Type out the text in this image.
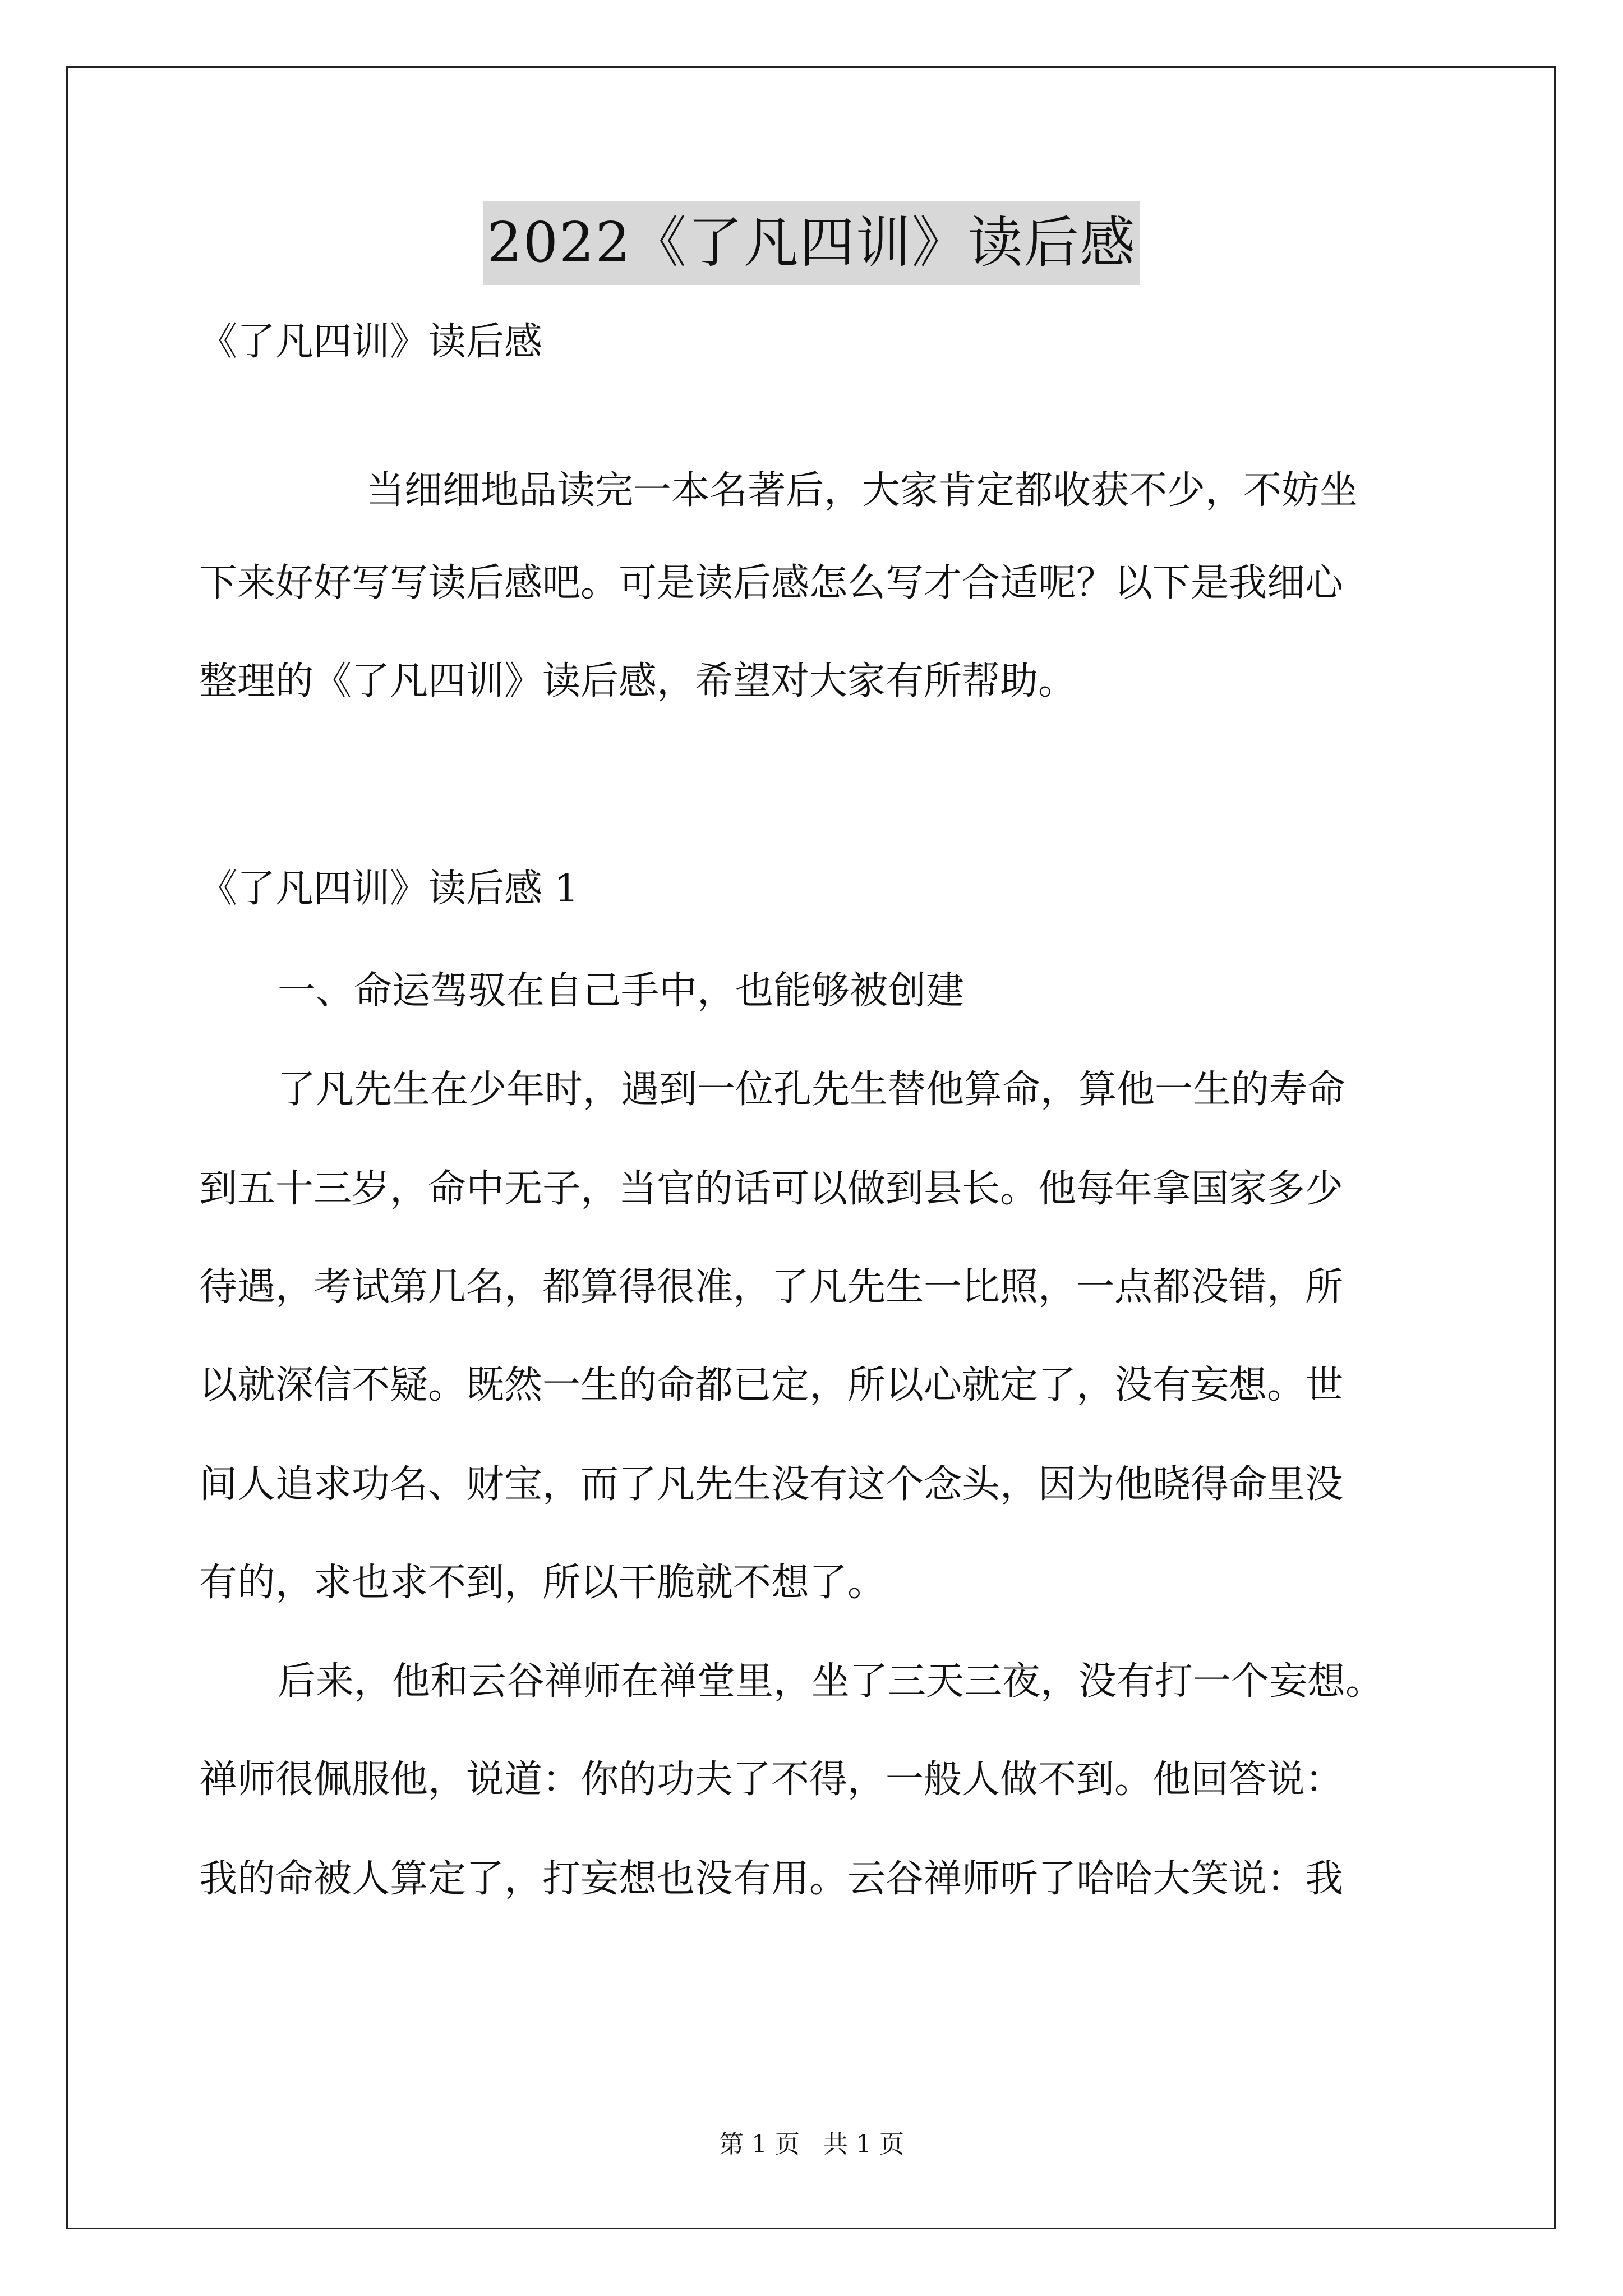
2022《了凡四训》读后感
《了凡四训》读后感
当细细地品读完一本名著后，大家肯定都收获不少，不妨坐
下来好好写写读后感吧。可是读后感怎么写才合适呢？以下是我细心
整理的《了凡四训》读后感，希望对大家有所帮助。
《了凡四训》读后感 1
一、命运驾驭在自己手中，也能够被创建
了凡先生在少年时，遇到一位孔先生替他算命，算他一生的寿命
到五十三岁，命中无子，当官的话可以做到县长。他每年拿国家多少
待遇，考试第几名，都算得很准，了凡先生一比照，一点都没错，所
以就深信不疑。既然一生的命都已定，所以心就定了，没有妄想。世
间人追求功名、财宝，而了凡先生没有这个念头，因为他晓得命里没
有的，求也求不到，所以干脆就不想了。
后来，他和云谷禅师在禅堂里，坐了三天三夜，没有打一个妄想。
禅师很佩服他，说道：你的功夫了不得，一般人做不到。他回答说：
我的命被人算定了，打妄想也没有用。云谷禅师听了哈哈大笑说：我
第 1 页 共 1 页
